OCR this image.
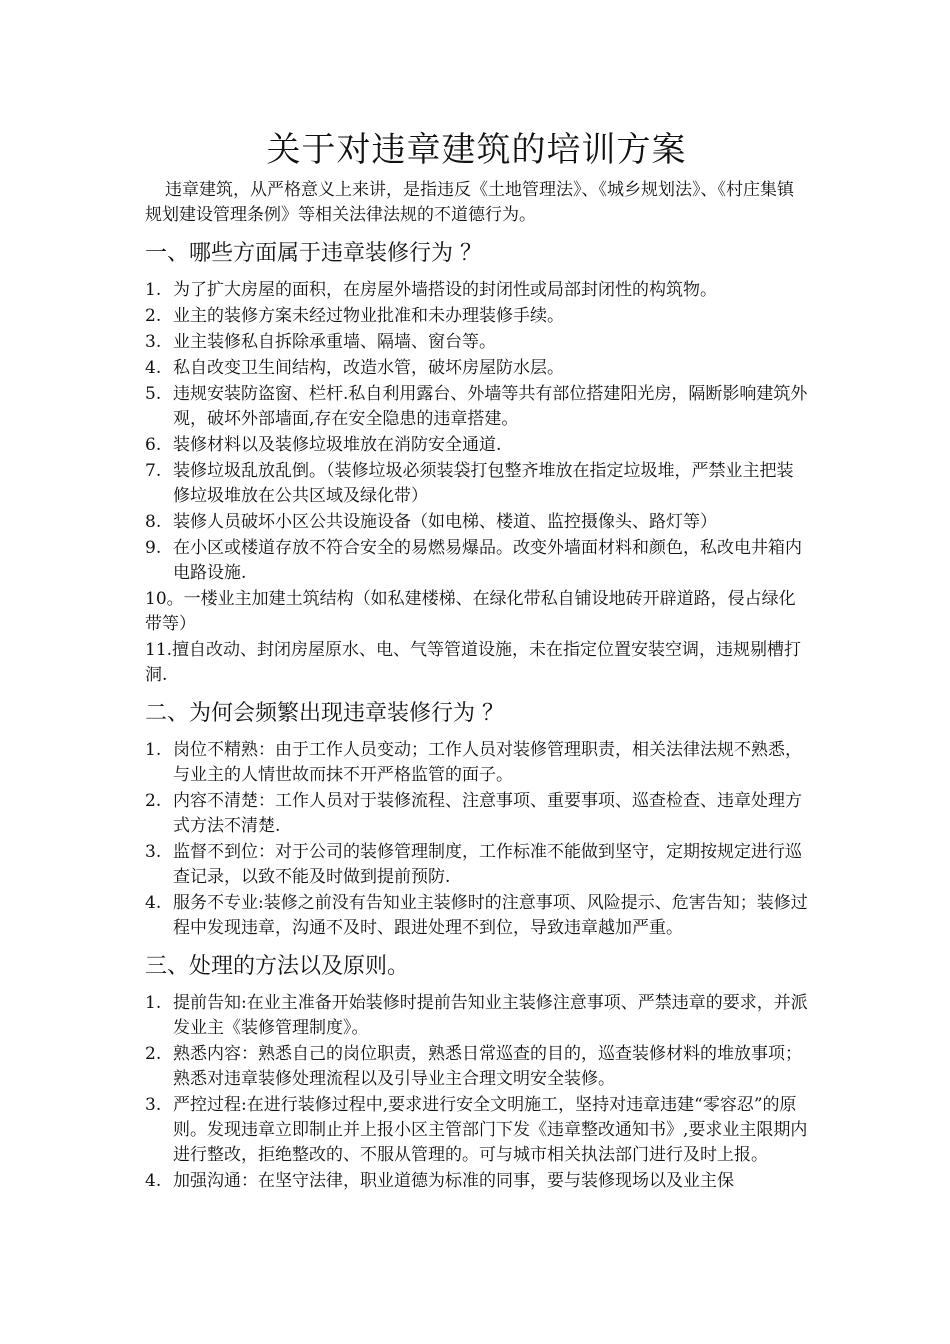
关于对违章建筑的培训方案

违章建筑，从严格意义上来讲，是指违反《土地管理法》、《城乡规划法》、《村庄集镇规划建设管理条例》等相关法律法规的不道德行为。

一、哪些方面属于违章装修行为 ？
1. 为了扩大房屋的面积，在房屋外墙搭设的封闭性或局部封闭性的构筑物。
2. 业主的装修方案未经过物业批准和未办理装修手续。
3. 业主装修私自拆除承重墙、隔墙、窗台等。
4. 私自改变卫生间结构，改造水管，破坏房屋防水层。
5. 违规安装防盗窗、栏杆.私自利用露台、外墙等共有部位搭建阳光房，隔断影响建筑外观，破坏外部墙面,存在安全隐患的违章搭建。
6. 装修材料以及装修垃圾堆放在消防安全通道.
7. 装修垃圾乱放乱倒。（装修垃圾必须装袋打包整齐堆放在指定垃圾堆，严禁业主把装修垃圾堆放在公共区域及绿化带）
8. 装修人员破坏小区公共设施设备（如电梯、楼道、监控摄像头、路灯等）
9. 在小区或楼道存放不符合安全的易燃易爆品。改变外墙面材料和颜色，私改电井箱内电路设施.
10。一楼业主加建土筑结构（如私建楼梯、在绿化带私自铺设地砖开辟道路，侵占绿化带等）
11.擅自改动、封闭房屋原水、电、气等管道设施，未在指定位置安装空调，违规剔槽打洞.
二、为何会频繁出现违章装修行为 ？
1. 岗位不精熟：由于工作人员变动；工作人员对装修管理职责，相关法律法规不熟悉，与业主的人情世故而抹不开严格监管的面子。
2. 内容不清楚：工作人员对于装修流程、注意事项、重要事项、巡查检查、违章处理方式方法不清楚.
3. 监督不到位：对于公司的装修管理制度，工作标准不能做到坚守，定期按规定进行巡查记录，以致不能及时做到提前预防.
4. 服务不专业:装修之前没有告知业主装修时的注意事项、风险提示、危害告知；装修过程中发现违章，沟通不及时、跟进处理不到位，导致违章越加严重。
三、处理的方法以及原则。
1. 提前告知:在业主准备开始装修时提前告知业主装修注意事项、严禁违章的要求，并派发业主《装修管理制度》。
2. 熟悉内容：熟悉自己的岗位职责，熟悉日常巡查的目的，巡查装修材料的堆放事项；熟悉对违章装修处理流程以及引导业主合理文明安全装修。
3. 严控过程:在进行装修过程中,要求进行安全文明施工，坚持对违章违建“零容忍”的原则。发现违章立即制止并上报小区主管部门下发《违章整改通知书》,要求业主限期内进行整改，拒绝整改的、不服从管理的。可与城市相关执法部门进行及时上报。
4. 加强沟通：在坚守法律，职业道德为标准的同事，要与装修现场以及业主保
